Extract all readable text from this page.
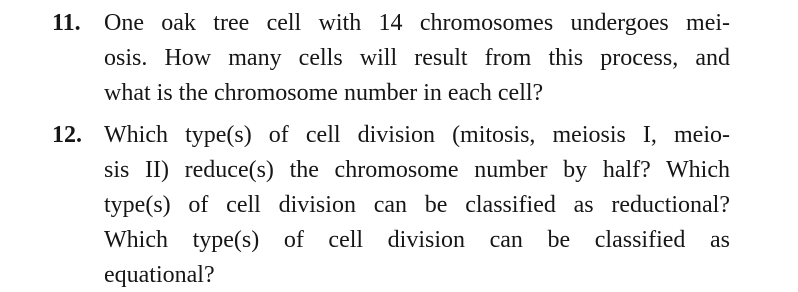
11. One oak tree cell with 14 chromosomes undergoes mei-

osis. How many cells will result from this process, and

what is the chromosome number in each cell?

12. Which type(s) of cell division (mitosis, meiosis I, meio-

sis II) reduce(s) the chromosome number by half? Which

type(s) of cell division can be classified as reductional?

Which type(s) of cell division can be classified as

equational?
